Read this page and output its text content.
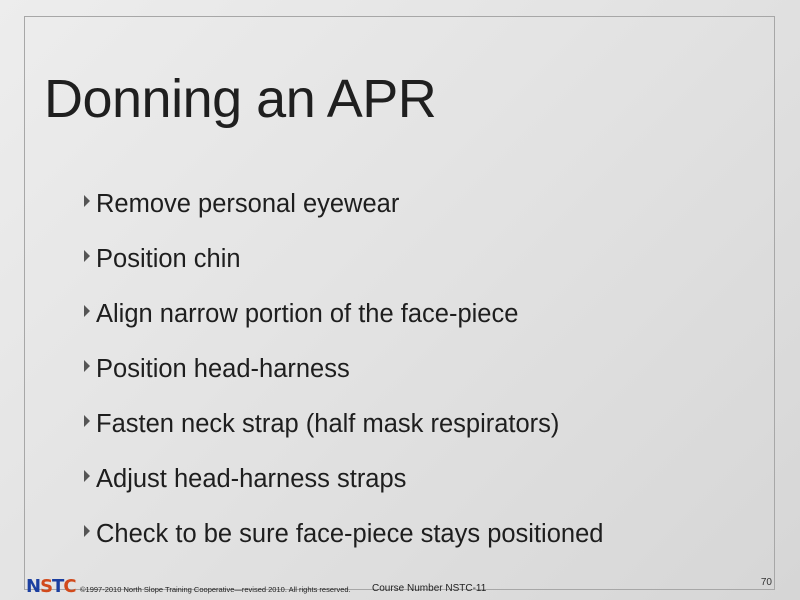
Donning an APR
Remove personal eyewear
Position chin
Align narrow portion of the face-piece
Position head-harness
Fasten neck strap (half mask respirators)
Adjust head-harness straps
Check to be sure face-piece stays positioned
N S T C ©1997-2010 North Slope Training Cooperative—revised 2010. All rights reserved. Course Number NSTC-11
70
